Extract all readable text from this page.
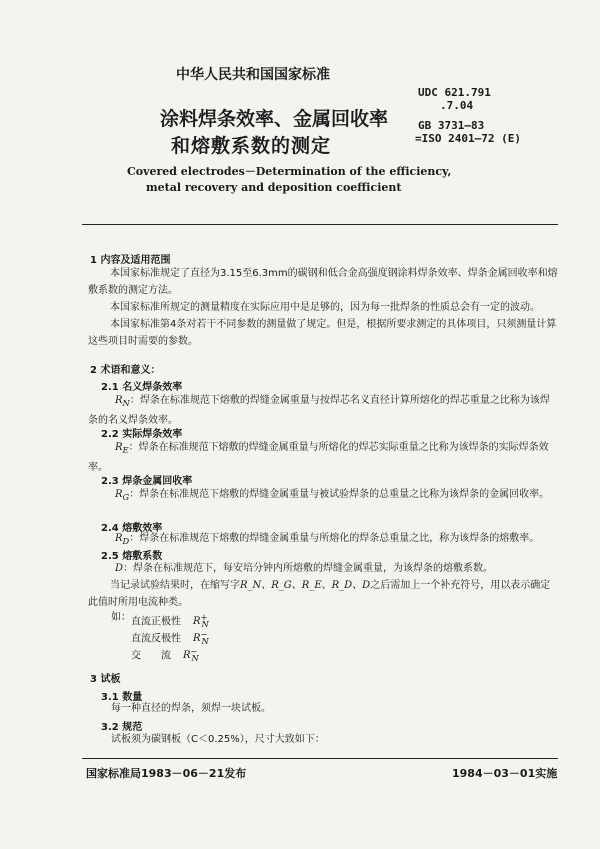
中华人民共和国国家标准
涂料焊条效率、金属回收率
和熔敷系数的测定
UDC 621.791
.7.04
GB 3731—83
=ISO 2401—72 (E)
Covered electrodes－Determination of the efficiency,
metal recovery and deposition coefficient
1 内容及适用范围
本国家标准规定了直径为3.15至6.3mm的碳钢和低合金高强度钢涂料焊条效率、焊条金属回收率和熔敷系数的测定方法。
本国家标准所规定的测量精度在实际应用中是足够的，因为每一批焊条的性质总会有一定的波动。
本国家标准第4条对若干不同参数的测量做了规定。但是，根据所要求测定的具体项目，只须测量计算这些项目时需要的参数。
2 术语和意义：
2.1 名义焊条效率
$R_N$：焊条在标准规范下熔敷的焊缝金属重量与按焊芯名义直径计算所熔化的焊芯重量之比称为该焊条的名义焊条效率。
2.2 实际焊条效率
$R_E$：焊条在标准规范下熔敷的焊缝金属重量与所熔化的焊芯实际重量之比称为该焊条的实际焊条效率。
2.3 焊条金属回收率
$R_G$：焊条在标准规范下熔敷的焊缝金属重量与被试验焊条的总重量之比称为该焊条的金属回收率。
2.4 熔敷效率
$R_D$：焊条在标准规范下熔敷的焊缝金属重量与所熔化的焊条总重量之比，称为该焊条的熔敷率。
2.5 熔敷系数
D：焊条在标准规范下，每安培分钟内所熔敷的焊缝金属重量，为该焊条的熔敷系数。
当记录试验结果时，在缩写字R_N、R_G、R_E、R_D、D之后需加上一个补充符号，用以表示确定此值时所用电流种类。
如： 直流正极性 $R^+_N$
直流反极性 $R^-_N$
交　　流 $R^\sim_N$
3 试板
3.1 数量
每一种直径的焊条，须焊一块试板。
3.2 规范
试板须为碳钢板（C＜0.25%），尺寸大致如下：
国家标准局1983－06－21发布	1984－03－01实施
